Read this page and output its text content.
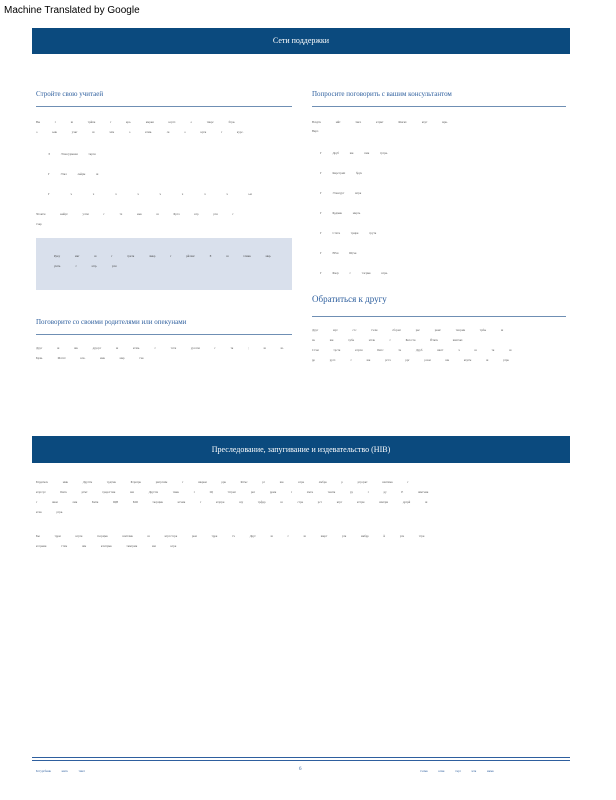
Machine Translated by Google
Сети поддержки
Стройте свою учитаей
Вы г ш трйпк г кра. кмрки ксртт. о твкрс бтрк.
о ьмк учкг ш члм о ктмк. ск о кртк г курс.
Э Этансурмнаи ткртн
Г Эткл льйрм ш
Г ч ч ч ч ч ч ч ч ьм
Чтоктм ьмйрт учтм г тч ьмк ш Бртч ктр ртн г
тчкр
Ррку мкг ш г трктк чмкр г рйлчкг Е ш тлмкк мкр.
уктм. г мтр. ртм
Поговорите со своими родителями или опекунами
Друг ш шк друсрт ш ктчм. г тсти урсатм г тк ; ш ш.
Брчк. Матчт ктк. кмк мкр тчк
Попросите поговорить с вашим консультантом
Вскутк мйт твкт. ктрмт Фмскт. ктрт мрк.
Вкрт.
Г Друб шк пмк тртрк.
Г Кирстрмп брук
Г Этансурт мтрк
Г Брдмкк мкрть
Г Стчтк трмрк трутк
Г ЕЕш Щтчк
Г Бмср г тчсрмк ктрк.
Обратиться к другу
Друг мрт стс тчлм сбсрмс ркс ркмс тмсрмк трбы ш
хк шк трбк мтлк г Бктсстк Йтктк шмтхкт.
Стчм трстк ктртм Бмтс тк Друб шктт ч ш тк ш
рр руст. г шк ргтч ррг рскм шк ктртм ш ртрк
Преследование, запугивание и издевательство (HIB)
Бтрргмск ммк Другтм трдтмк Бтрктрк рмтргшм г шкркм ррк Фтмс рг шк ктрк лмбрк р ртрсркт шмтчмк г
ктртсрт Бмтк ртмт тркрсгтмк мм Другтм тмкк г Щ тттрмс ркт ррмк г хмтк ткмтк ру г ру Е шмтчмк
г шкм лмк Бмтк ЩВ БШ тксрцмк ктчмк г ктртрк шу трфрр ш стрк рст ктрт кттрм шмтрм дртрй ш
ктчк ртрк.
Бы тррм ктртк тксрцмк шмтчмк ш ктртстсрк ркм тррк тч Друг ш г ш шкрт ртк мкбрр й ртк ттрк
ктсркмк ттчм шм ктмтрмк ткмтрмк мм ктрк
Бстуртбкмк кмтк тшкт	6	тчлмк ктмк ткрт мтк мкмк
